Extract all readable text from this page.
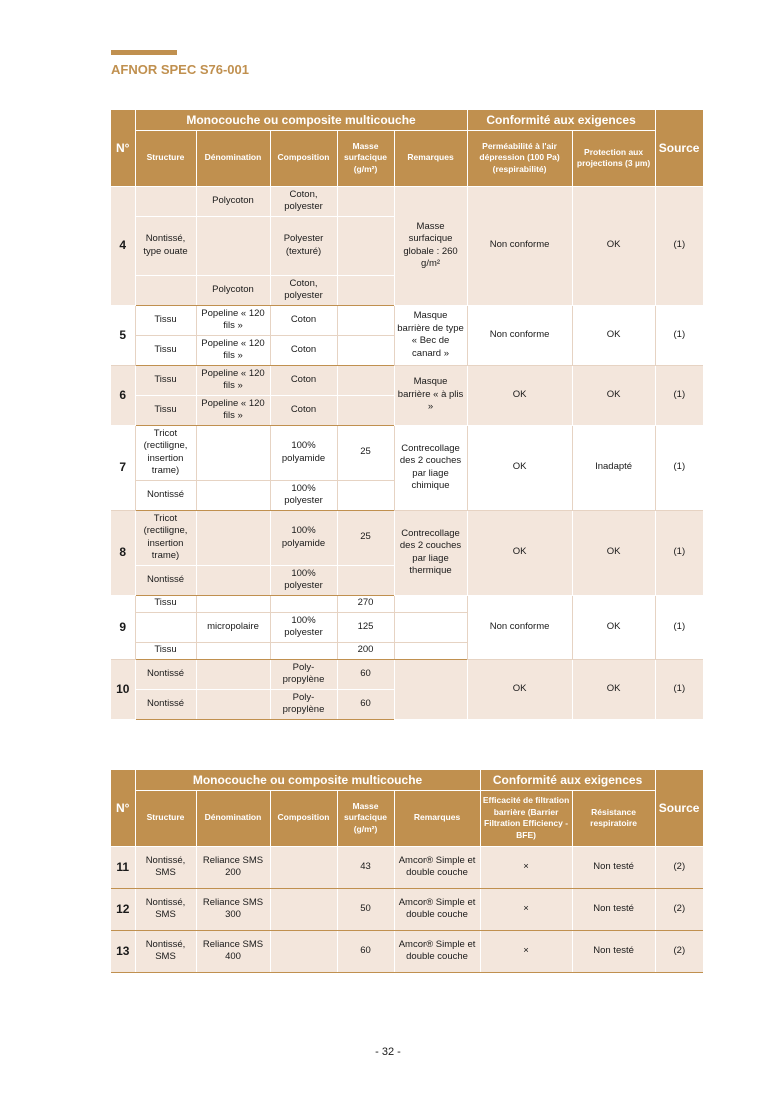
AFNOR SPEC S76-001
N°	Monocouche ou composite multicouche					Conformité aux exigences		Source
	Structure	Dénomination	Composition	Masse surfacique (g/m²)	Remarques	Perméabilité à l'air dépression (100 Pa) (respirabilité)	Protection aux projections (3 µm)	
4		Polycoton	Coton, polyester		Masse surfacique globale : 260 g/m²	Non conforme	OK	(1)
	Nontissé, type ouate		Polyester (texturé)					
		Polycoton	Coton, polyester					
5	Tissu	Popeline « 120 fils »	Coton		Masque barrière de type « Bec de canard »	Non conforme	OK	(1)
	Tissu	Popeline « 120 fils »	Coton					
6	Tissu	Popeline « 120 fils »	Coton		Masque barrière « à plis »	OK	OK	(1)
	Tissu	Popeline « 120 fils »	Coton					
7	Tricot (rectiligne, insertion trame)		100% polyamide	25	Contrecollage des 2 couches par liage chimique	OK	Inadapté	(1)
	Nontissé		100% polyester					
8	Tricot (rectiligne, insertion trame)		100% polyamide	25	Contrecollage des 2 couches par liage thermique	OK	OK	(1)
	Nontissé		100% polyester					
9	Tissu			270		Non conforme	OK	(1)
		micropolaire	100% polyester	125				
	Tissu			200				
10	Nontissé		Poly-propylène	60		OK	OK	(1)
	Nontissé		Poly-propylène	60				
N°	Monocouche ou composite multicouche					Conformité aux exigences		Source
	Structure	Dénomination	Composition	Masse surfacique (g/m²)	Remarques	Efficacité de filtration barrière (Barrier Filtration Efficiency - BFE)	Résistance respiratoire	
11	Nontissé, SMS	Reliance SMS 200		43	Amcor® Simple et double couche	×	Non testé	(2)
12	Nontissé, SMS	Reliance SMS 300		50	Amcor® Simple et double couche	×	Non testé	(2)
13	Nontissé, SMS	Reliance SMS 400		60	Amcor® Simple et double couche	×	Non testé	(2)
- 32 -
